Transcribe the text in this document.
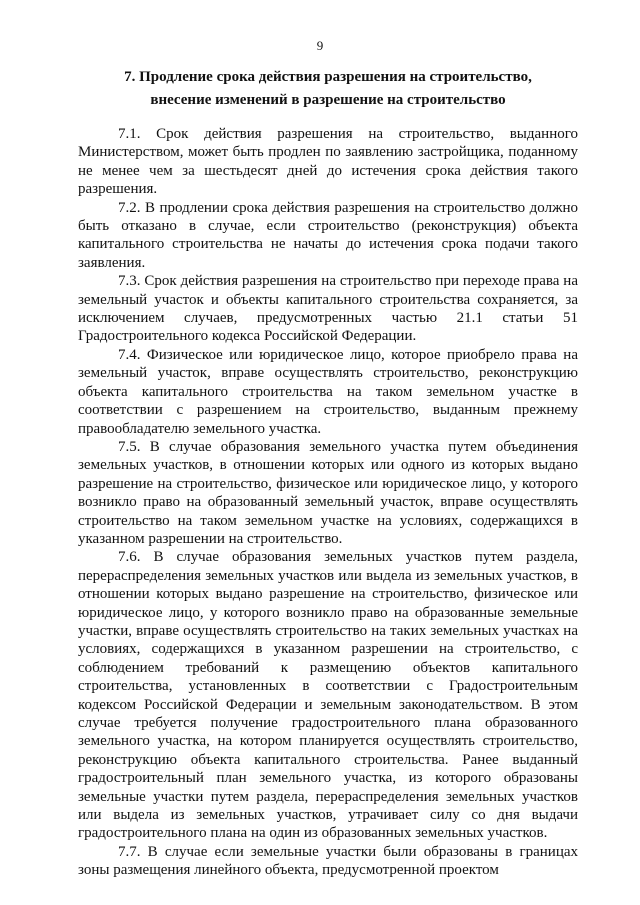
9
7. Продление срока действия разрешения на строительство,
внесение изменений в разрешение на строительство

7.1. Срок действия разрешения на строительство, выданного Министерством, может быть продлен по заявлению застройщика, поданному не менее чем за шестьдесят дней до истечения срока действия такого разрешения.

7.2. В продлении срока действия разрешения на строительство должно быть отказано в случае, если строительство (реконструкция) объекта капитального строительства не начаты до истечения срока подачи такого заявления.

7.3. Срок действия разрешения на строительство при переходе права на земельный участок и объекты капитального строительства сохраняется, за исключением случаев, предусмотренных частью 21.1 статьи 51 Градостроительного кодекса Российской Федерации.

7.4. Физическое или юридическое лицо, которое приобрело права на земельный участок, вправе осуществлять строительство, реконструкцию объекта капитального строительства на таком земельном участке в соответствии с разрешением на строительство, выданным прежнему правообладателю земельного участка.

7.5. В случае образования земельного участка путем объединения земельных участков, в отношении которых или одного из которых выдано разрешение на строительство, физическое или юридическое лицо, у которого возникло право на образованный земельный участок, вправе осуществлять строительство на таком земельном участке на условиях, содержащихся в указанном разрешении на строительство.

7.6. В случае образования земельных участков путем раздела, перераспределения земельных участков или выдела из земельных участков, в отношении которых выдано разрешение на строительство, физическое или юридическое лицо, у которого возникло право на образованные земельные участки, вправе осуществлять строительство на таких земельных участках на условиях, содержащихся в указанном разрешении на строительство, с соблюдением требований к размещению объектов капитального строительства, установленных в соответствии с Градостроительным кодексом Российской Федерации и земельным законодательством. В этом случае требуется получение градостроительного плана образованного земельного участка, на котором планируется осуществлять строительство, реконструкцию объекта капитального строительства. Ранее выданный градостроительный план земельного участка, из которого образованы земельные участки путем раздела, перераспределения земельных участков или выдела из земельных участков, утрачивает силу со дня выдачи градостроительного плана на один из образованных земельных участков.

7.7. В случае если земельные участки были образованы в границах зоны размещения линейного объекта, предусмотренной проектом
